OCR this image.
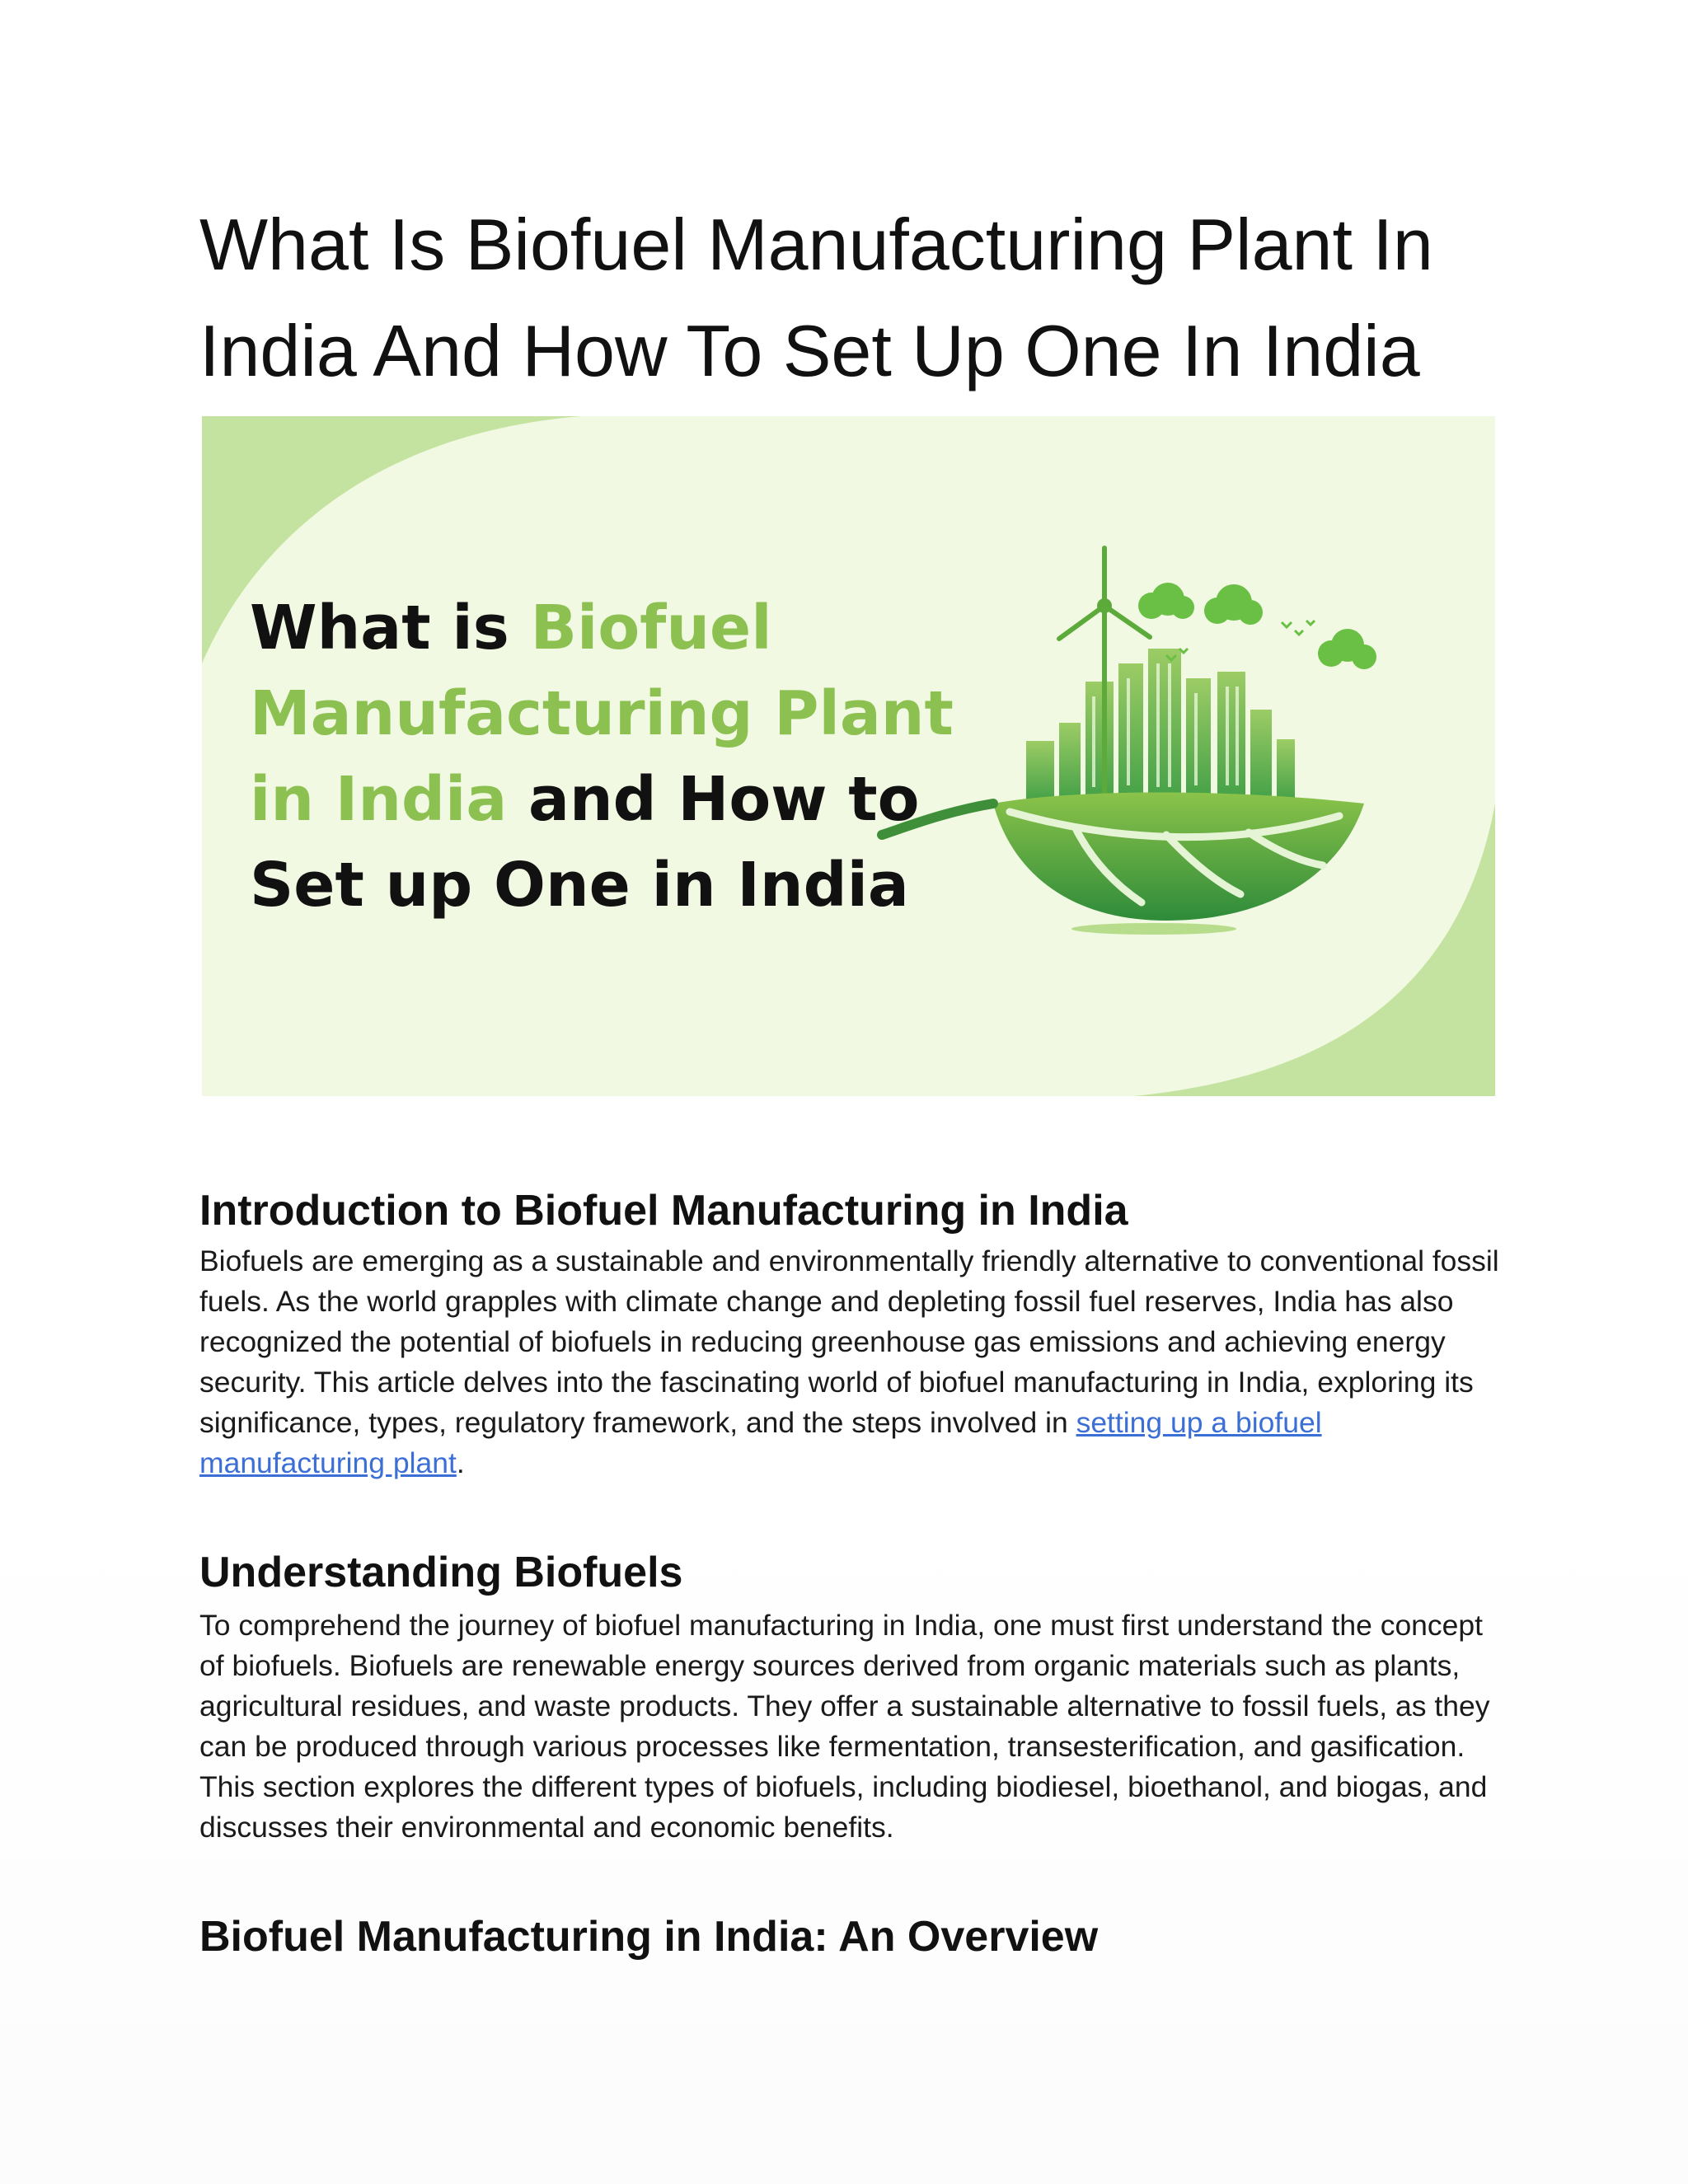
What Is Biofuel Manufacturing Plant In India And How To Set Up One In India
What is Biofuel
Manufacturing Plant
in India and How to
Set up One in India
Introduction to Biofuel Manufacturing in India

Biofuels are emerging as a sustainable and environmentally friendly alternative to conventional fossil fuels. As the world grapples with climate change and depleting fossil fuel reserves, India has also recognized the potential of biofuels in reducing greenhouse gas emissions and achieving energy security. This article delves into the fascinating world of biofuel manufacturing in India, exploring its significance, types, regulatory framework, and the steps involved in setting up a biofuel manufacturing plant.

Understanding Biofuels

To comprehend the journey of biofuel manufacturing in India, one must first understand the concept of biofuels. Biofuels are renewable energy sources derived from organic materials such as plants, agricultural residues, and waste products. They offer a sustainable alternative to fossil fuels, as they can be produced through various processes like fermentation, transesterification, and gasification. This section explores the different types of biofuels, including biodiesel, bioethanol, and biogas, and discusses their environmental and economic benefits.

Biofuel Manufacturing in India: An Overview
